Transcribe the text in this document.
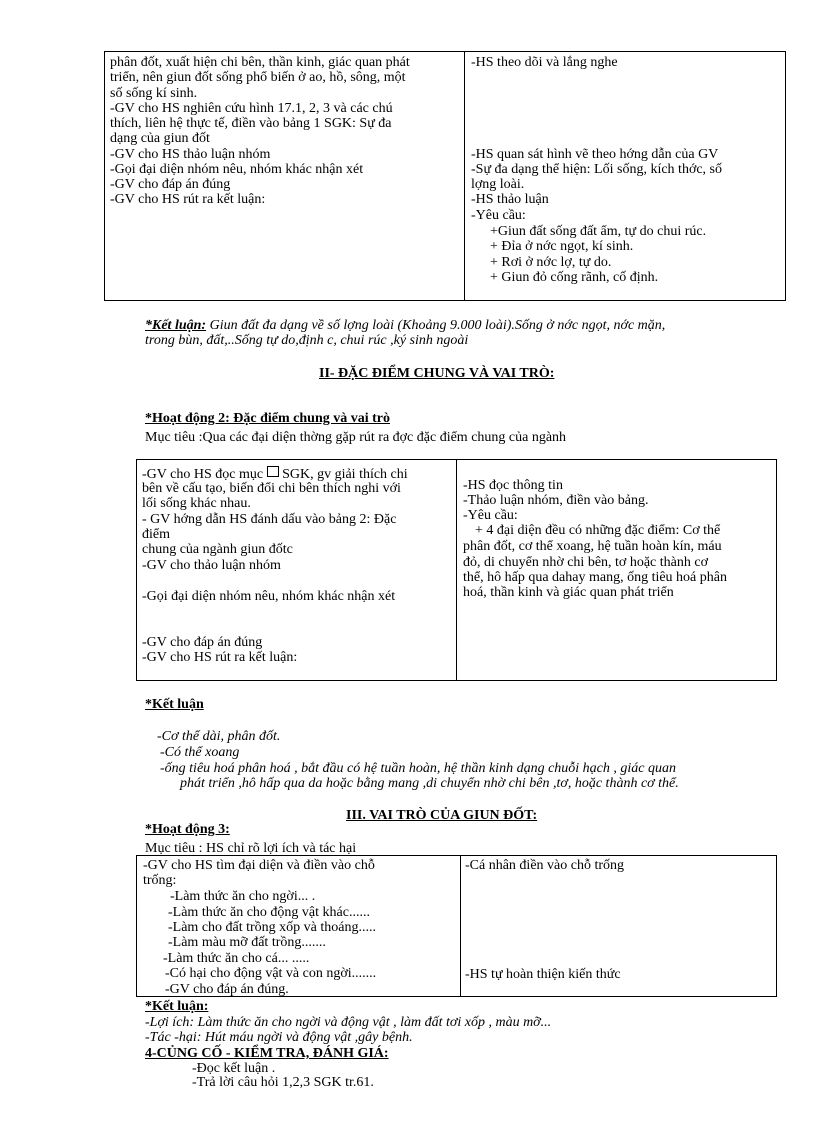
phân đốt, xuất hiện chi bên, thần kinh, giác quan phát
triển, nên giun đốt sống phổ biến ở ao, hồ, sông, một
số sống kí sinh.
-GV cho HS nghiên cứu hình 17.1, 2, 3 và các chú
thích, liên hệ thực tế, điền vào bảng 1 SGK: Sự đa
dạng của giun đốt
-GV cho HS thảo luận nhóm
-Gọi đại diện nhóm nêu, nhóm khác nhận xét
-GV cho đáp án đúng
-GV cho HS rút ra kết luận:
-HS theo dõi và lắng nghe
-HS quan sát hình vẽ theo hớng dẫn của GV
-Sự đa dạng thể hiện: Lối sống, kích thớc, số
lợng loài.
-HS thảo luận
-Yêu cầu:
+Giun đất sống đất ẩm, tự do chui rúc.
+ Đỉa ở nớc ngọt, kí sinh.
+ Rơi ở nớc lợ, tự do.
+ Giun đỏ cống rãnh, cố định.
*Kết luận: Giun đất đa dạng về số lợng loài (Khoảng 9.000 loài).Sống ở nớc ngọt, nớc mặn,
trong bùn, đất,..Sống tự do,định c, chui rúc ,ký sinh ngoài
II- ĐẶC ĐIỂM CHUNG VÀ VAI TRÒ:
*Hoạt động 2: Đặc điểm chung và vai trò
Mục tiêu :Qua các đại diện thờng gặp rút ra đợc đặc điểm chung của ngành
-GV cho HS đọc mục  SGK, gv giải thích chi
bên về cấu tạo, biến đổi chi bên thích nghi với
lối sống khác nhau.
- GV hớng dẫn HS đánh dấu vào bảng 2: Đặc
điểm
chung của ngành giun đốtc
-GV cho thảo luận nhóm
-Gọi đại diện nhóm nêu, nhóm khác nhận xét
-GV cho đáp án đúng
-GV cho HS rút ra kết luận:
-HS đọc thông tin
-Thảo luận nhóm, điền vào bảng.
-Yêu cầu:
+ 4 đại diện đều có những đặc điểm: Cơ thể
phân đốt, cơ thể xoang, hệ tuần hoàn kín, máu
đỏ, di chuyển nhờ chi bên, tơ hoặc thành cơ
thể, hô hấp qua dahay mang, ống tiêu hoá phân
hoá, thần kinh và giác quan phát triển
*Kết luận
-Cơ thể dài, phân đốt.
-Có thể xoang
-ống tiêu hoá phân hoá , bắt đầu có hệ tuần hoàn, hệ thần kinh dạng chuỗi hạch , giác quan
phát triển ,hô hấp qua da hoặc bằng mang ,di chuyển nhờ chi bên ,tơ, hoặc thành cơ thể.
III. VAI TRÒ CỦA GIUN ĐỐT:
*Hoạt động 3:
Mục tiêu : HS chỉ rõ lợi ích và tác hại
-GV cho HS tìm đại diện và điền vào chỗ
trống:
-Làm thức ăn cho ngời... .
-Làm thức ăn cho động vật khác......
-Làm cho đất trồng xốp và thoáng.....
-Làm màu mỡ đất trồng.......
-Làm thức ăn cho cá... .....
-Có hại cho động vật và con ngời.......
-GV cho đáp án đúng.
-Cá nhân điền vào chỗ trống
-HS tự hoàn thiện kiến thức
*Kết luận:
-Lợi ích: Làm thức ăn cho ngời và động vật , làm đất tơi xốp , màu mỡ...
-Tác -hại: Hút máu ngời và động vật ,gây bệnh.
4-CỦNG CỐ - KIỂM TRA, ĐÁNH GIÁ:
-Đọc kết luận .
-Trả lời câu hỏi 1,2,3 SGK tr.61.
